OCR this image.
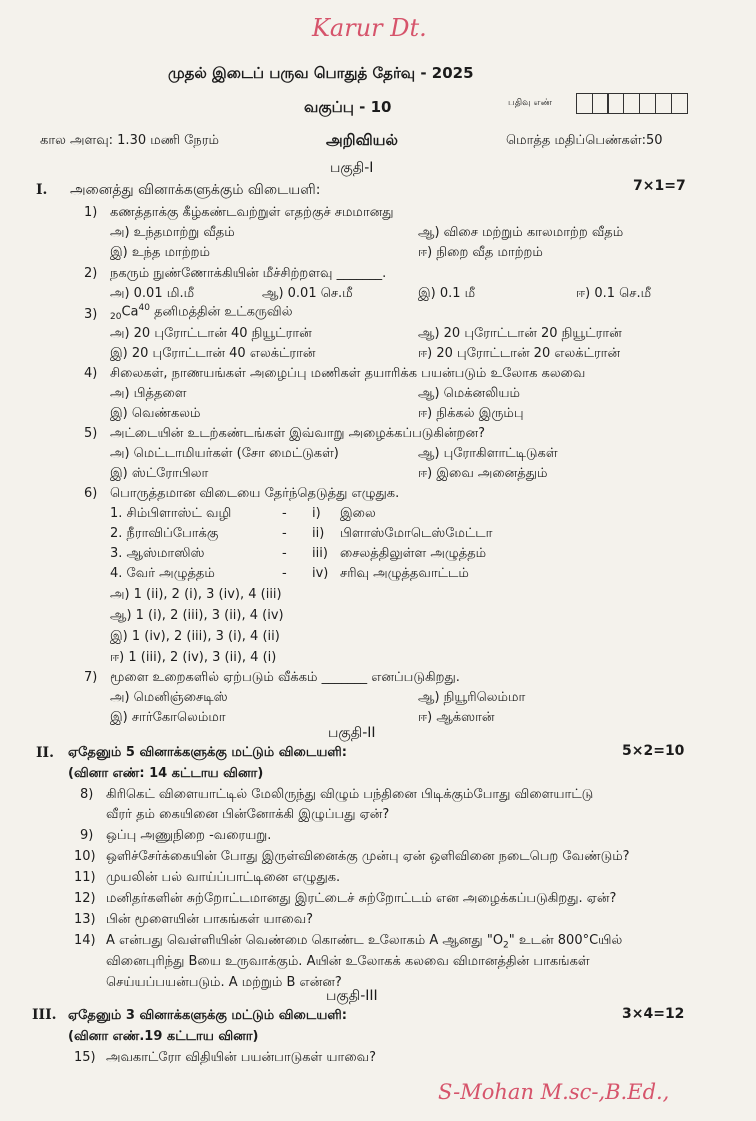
Karur Dt.
முதல் இடைப் பருவ பொதுத் தேர்வு - 2025
வகுப்பு - 10	பதிவு எண்
கால அளவு: 1.30 மணி நேரம்	அறிவியல்	மொத்த மதிப்பெண்கள்:50
பகுதி-I
I. அனைத்து வினாக்களுக்கும் விடையளி:	7×1=7
1) கணத்தாக்கு கீழ்கண்டவற்றுள் எதற்குச் சமமானது
அ) உந்தமாற்று வீதம்	ஆ) விசை மற்றும் காலமாற்ற வீதம்
இ) உந்த மாற்றம்	ஈ) நிறை வீத மாற்றம்
2) நகரும் நுண்ணோக்கியின் மீச்சிற்றளவு _______.
அ) 0.01 மி.மீ	ஆ) 0.01 செ.மீ	இ) 0.1 மீ	ஈ) 0.1 செ.மீ
3) $_{20}Ca^{40}$ தனிமத்தின் உட்கருவில்
அ) 20 புரோட்டான் 40 நியூட்ரான்	ஆ) 20 புரோட்டான் 20 நியூட்ரான்
இ) 20 புரோட்டான் 40 எலக்ட்ரான்	ஈ) 20 புரோட்டான் 20 எலக்ட்ரான்
4) சிலைகள், நாணயங்கள் அழைப்பு மணிகள் தயாரிக்க பயன்படும் உலோக கலவை
அ) பித்தளை	ஆ) மெக்னலியம்
இ) வெண்கலம்	ஈ) நிக்கல் இரும்பு
5) அட்டையின் உடற்கண்டங்கள் இவ்வாறு அழைக்கப்படுகின்றன?
அ) மெட்டாமியர்கள் (சோ மைட்டுகள்)	ஆ) புரோகிளாட்டிடுகள்
இ) ஸ்ட்ரோபிலா	ஈ) இவை அனைத்தும்
6) பொருத்தமான விடையை தேர்ந்தெடுத்து எழுதுக.
1. சிம்பிளாஸ்ட் வழி	- i) இலை
2. நீராவிப்போக்கு	- ii) பிளாஸ்மோடெஸ்மேட்டா
3. ஆஸ்மாஸிஸ்	- iii) சைலத்திலுள்ள அழுத்தம்
4. வேர் அழுத்தம்	- iv) சரிவு அழுத்தவாட்டம்
அ) 1 (ii), 2 (i), 3 (iv), 4 (iii)
ஆ) 1 (i), 2 (iii), 3 (ii), 4 (iv)
இ) 1 (iv), 2 (iii), 3 (i), 4 (ii)
ஈ) 1 (iii), 2 (iv), 3 (ii), 4 (i)
7) மூளை உறைகளில் ஏற்படும் வீக்கம் _______ எனப்படுகிறது.
அ) மெனிஞ்சைடிஸ்	ஆ) நியூரிலெம்மா
இ) சார்கோலெம்மா	ஈ) ஆக்ஸான்
பகுதி-II
II. ஏதேனும் 5 வினாக்களுக்கு மட்டும் விடையளி:	5×2=10
(வினா எண்: 14 கட்டாய வினா)
8) கிரிகெட் விளையாட்டில் மேலிருந்து விழும் பந்தினை பிடிக்கும்போது விளையாட்டு
வீரர் தம் கையினை பின்னோக்கி இழுப்பது ஏன்?
9) ஒப்பு அணுநிறை -வரையறு.
10) ஒளிச்சேர்க்கையின் போது இருள்வினைக்கு முன்பு ஏன் ஒளிவினை நடைபெற வேண்டும்?
11) முயலின் பல் வாய்ப்பாட்டினை எழுதுக.
12) மனிதர்களின் சுற்றோட்டமானது இரட்டைச் சுற்றோட்டம் என அழைக்கப்படுகிறது. ஏன்?
13) பின் மூளையின் பாகங்கள் யாவை?
14) A என்பது வெள்ளியின் வெண்மை கொண்ட உலோகம் A ஆனது "$O_2$" உடன் 800°Cயில்
வினைபுரிந்து Bயை உருவாக்கும். Aயின் உலோகக் கலவை விமானத்தின் பாகங்கள்
செய்யப்பயன்படும். A மற்றும் B என்ன?
பகுதி-III
III. ஏதேனும் 3 வினாக்களுக்கு மட்டும் விடையளி:	3×4=12
(வினா எண்.19 கட்டாய வினா)
15) அவகாட்ரோ விதியின் பயன்பாடுகள் யாவை?
S-Mohan M.sc-,B.Ed.,
